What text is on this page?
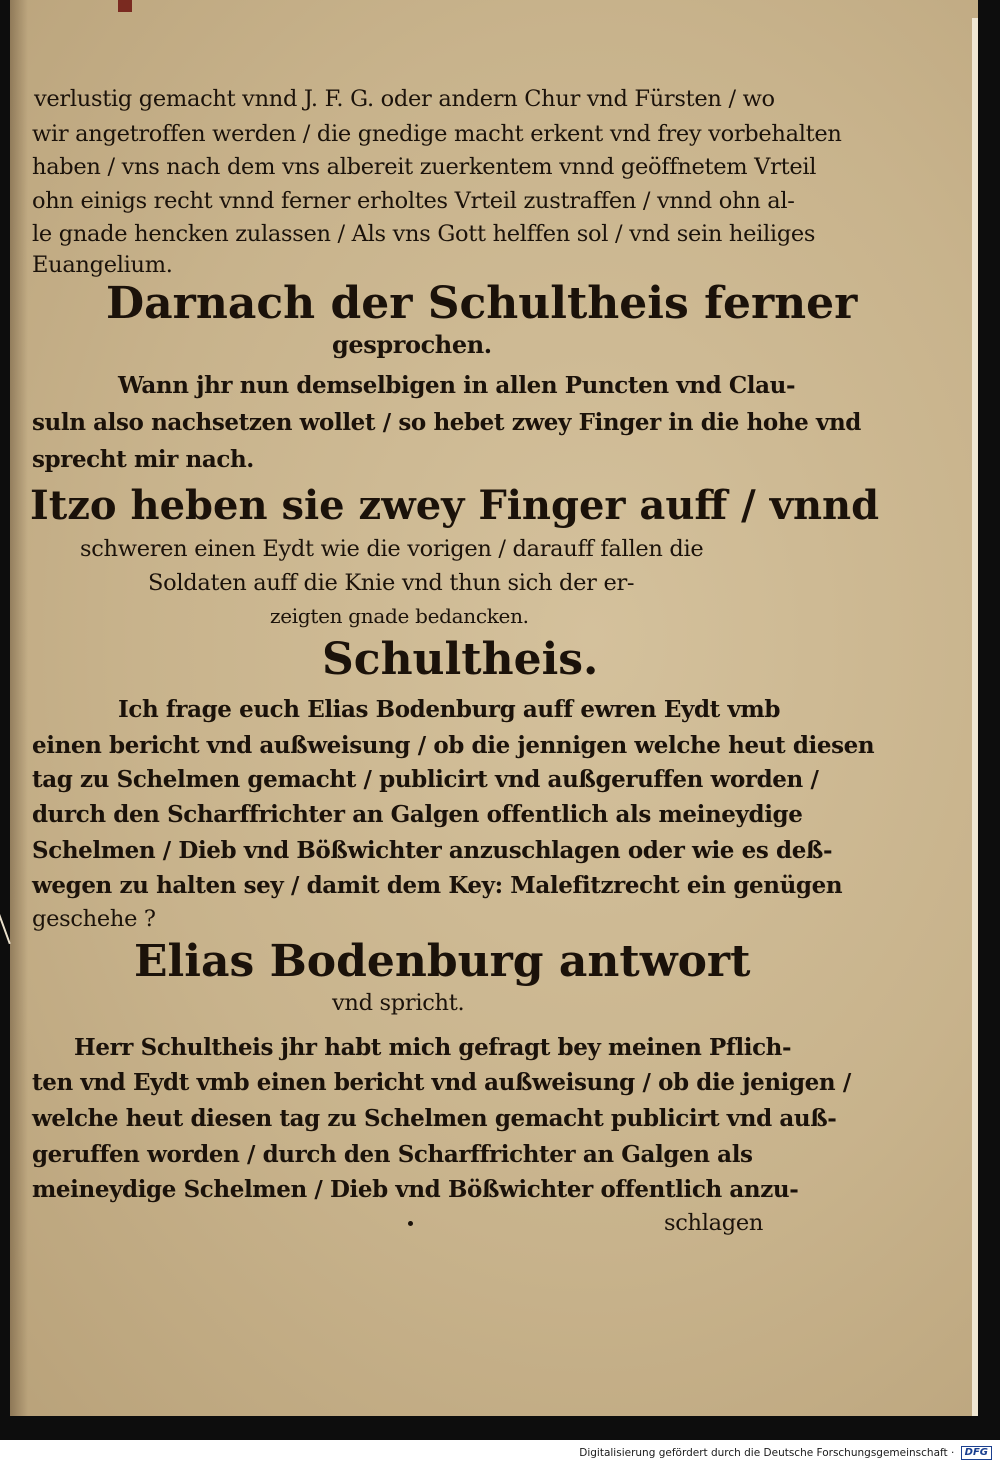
verlustig gemacht vnnd J. F. G. oder andern Chur vnd Fürsten / wo

wir angetroffen werden / die gnedige macht erkent vnd frey vorbehalten

haben / vns nach dem vns albereit zuerkentem vnnd geöffnetem Vrteil

ohn einigs recht vnnd ferner erholtes Vrteil zustraffen / vnnd ohn al-

le gnade hencken zulassen / Als vns Gott helffen sol / vnd sein heiliges

Euangelium.

Darnach der Schultheis ferner

gesprochen.

Wann jhr nun demselbigen in allen Puncten vnd Clau-

suln also nachsetzen wollet / so hebet zwey Finger in die hohe vnd

sprecht mir nach.

Itzo heben sie zwey Finger auff / vnnd

schweren einen Eydt wie die vorigen / darauff fallen die

Soldaten auff die Knie vnd thun sich der er-

zeigten gnade bedancken.

Schultheis.

Ich frage euch Elias Bodenburg auff ewren Eydt vmb

einen bericht vnd außweisung / ob die jennigen welche heut diesen

tag zu Schelmen gemacht / publicirt vnd außgeruffen worden /

durch den Scharffrichter an Galgen offentlich als meineydige

Schelmen / Dieb vnd Bößwichter anzuschlagen oder wie es deß-

wegen zu halten sey / damit dem Key: Malefitzrecht ein genügen

geschehe ?

Elias Bodenburg antwort

vnd spricht.

Herr Schultheis jhr habt mich gefragt bey meinen Pflich-

ten vnd Eydt vmb einen bericht vnd außweisung / ob die jenigen /

welche heut diesen tag zu Schelmen gemacht publicirt vnd auß-

geruffen worden / durch den Scharffrichter an Galgen als

meineydige Schelmen / Dieb vnd Bößwichter offentlich anzu-

schlagen

Digitalisierung gefördert durch die Deutsche Forschungsgemeinschaft · DFG
